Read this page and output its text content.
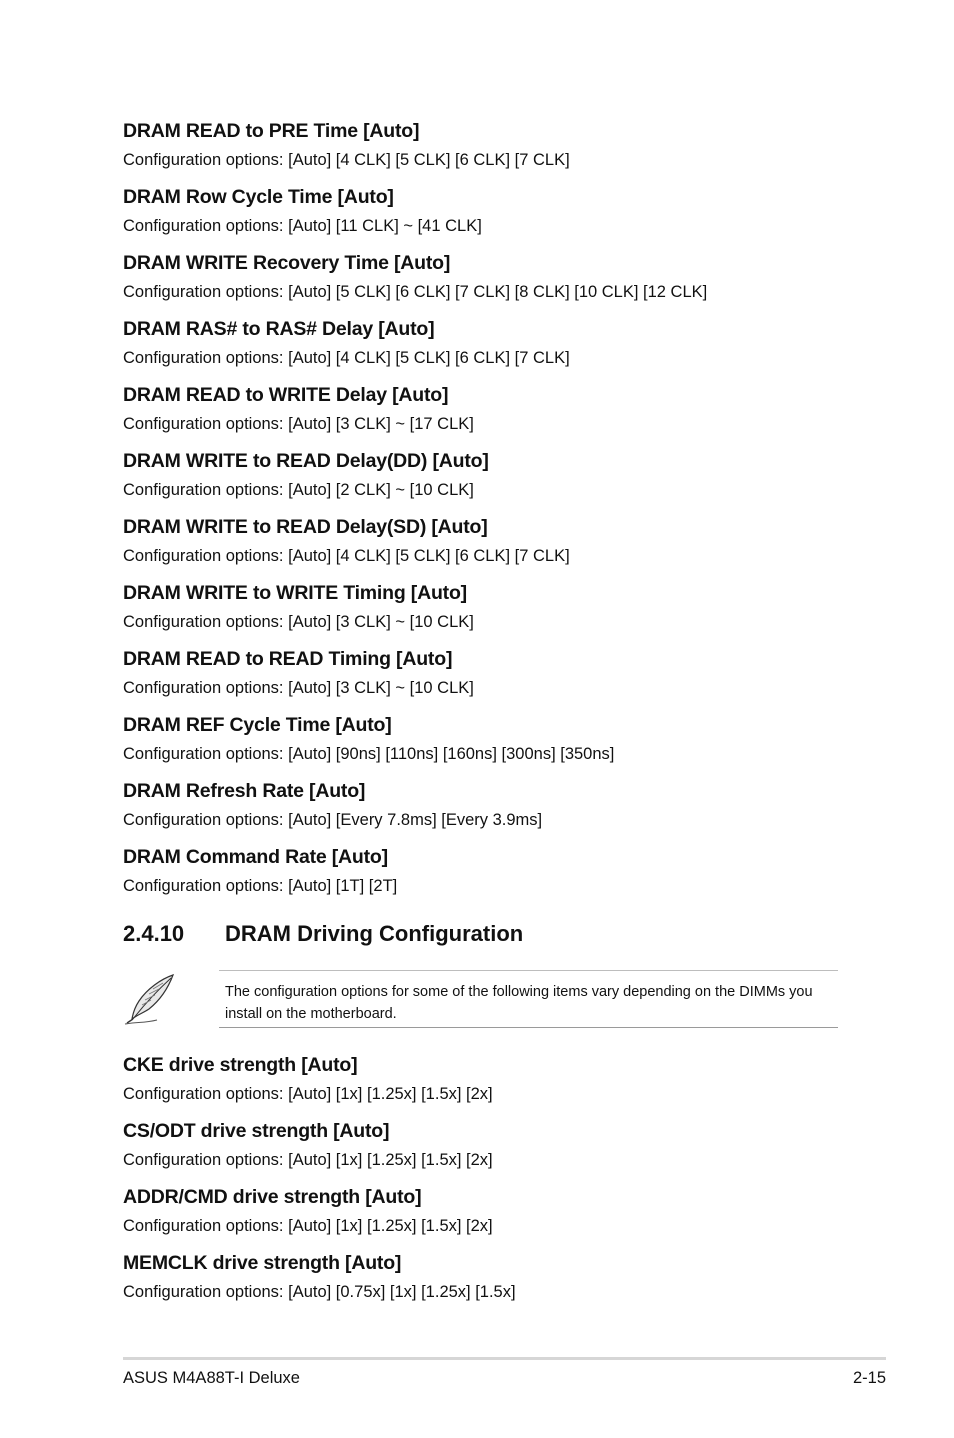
DRAM READ to PRE Time [Auto]
Configuration options: [Auto] [4 CLK] [5 CLK] [6 CLK] [7 CLK]
DRAM Row Cycle Time [Auto]
Configuration options: [Auto] [11 CLK] ~ [41 CLK]
DRAM WRITE Recovery Time [Auto]
Configuration options: [Auto] [5 CLK] [6 CLK] [7 CLK] [8 CLK] [10 CLK] [12 CLK]
DRAM RAS# to RAS# Delay [Auto]
Configuration options: [Auto] [4 CLK] [5 CLK] [6 CLK] [7 CLK]
DRAM READ to WRITE Delay [Auto]
Configuration options: [Auto] [3 CLK] ~ [17 CLK]
DRAM WRITE to READ Delay(DD) [Auto]
Configuration options: [Auto] [2 CLK] ~ [10 CLK]
DRAM WRITE to READ Delay(SD) [Auto]
Configuration options: [Auto] [4 CLK] [5 CLK] [6 CLK] [7 CLK]
DRAM WRITE to WRITE Timing [Auto]
Configuration options: [Auto] [3 CLK] ~ [10 CLK]
DRAM READ to READ Timing [Auto]
Configuration options: [Auto] [3 CLK] ~ [10 CLK]
DRAM REF Cycle Time [Auto]
Configuration options: [Auto] [90ns] [110ns] [160ns] [300ns] [350ns]
DRAM Refresh Rate [Auto]
Configuration options: [Auto] [Every 7.8ms] [Every 3.9ms]
DRAM Command Rate [Auto]
Configuration options: [Auto] [1T] [2T]
2.4.10	DRAM Driving Configuration
The configuration options for some of the following items vary depending on the DIMMs you install on the motherboard.
CKE drive strength [Auto]
Configuration options: [Auto] [1x] [1.25x] [1.5x] [2x]
CS/ODT drive strength [Auto]
Configuration options: [Auto] [1x] [1.25x] [1.5x] [2x]
ADDR/CMD drive strength [Auto]
Configuration options: [Auto] [1x] [1.25x] [1.5x] [2x]
MEMCLK drive strength [Auto]
Configuration options: [Auto] [0.75x] [1x] [1.25x] [1.5x]
ASUS M4A88T-I Deluxe	2-15
